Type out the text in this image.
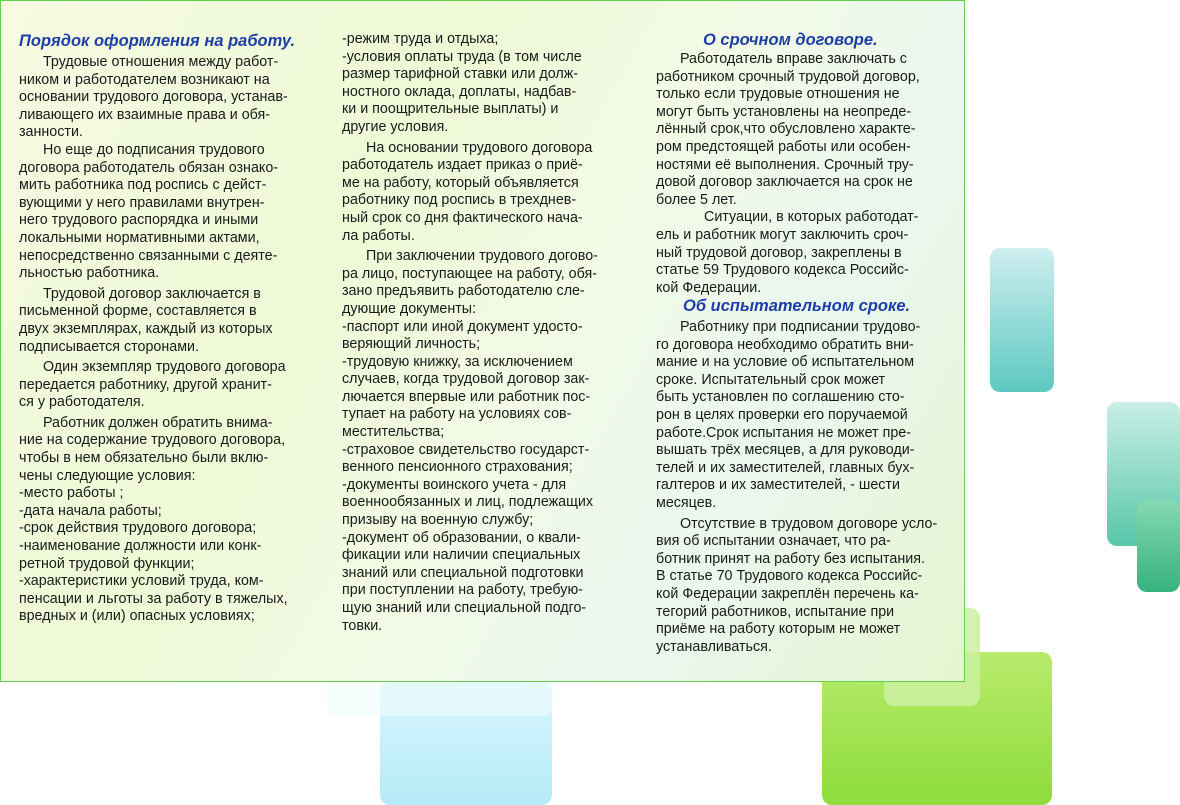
Порядок оформления на работу.

Трудовые отношения между работ-

ником и работодателем возникают на

основании трудового договора, устанав-

ливающего их взаимные права и обя-

занности.

Но еще до подписания трудового

договора работодатель обязан ознако-

мить работника под роспись с дейст-

вующими у него правилами внутрен-

него трудового распорядка и иными

локальными нормативными актами,

непосредственно связанными с деяте-

льностью работника.

Трудовой договор заключается в

письменной форме, составляется в

двух экземплярах, каждый из которых

подписывается сторонами.

Один экземпляр трудового договора

передается работнику, другой хранит-

ся у работодателя.

Работник должен обратить внима-

ние на содержание трудового договора,

чтобы в нем обязательно были вклю-

чены следующие условия:

-место работы ;

-дата начала работы;

-срок действия трудового договора;

-наименование должности или конк-

ретной трудовой функции;

-характеристики условий труда, ком-

пенсации и льготы за работу в тяжелых,

вредных и (или) опасных условиях;

-режим труда и отдыха;

-условия оплаты труда (в том числе

размер тарифной ставки или долж-

ностного оклада, доплаты, надбав-

ки и поощрительные выплаты) и

другие условия.

На основании трудового договора

работодатель издает приказ о приё-

ме на работу, который объявляется

работнику под роспись в трехднев-

ный срок со дня фактического нача-

ла работы.

При заключении трудового догово-

ра лицо, поступающее на работу, обя-

зано предъявить работодателю сле-

дующие документы:

-паспорт или иной документ удосто-

веряющий личность;

-трудовую книжку, за исключением

случаев, когда трудовой договор зак-

лючается впервые или работник пос-

тупает на работу на условиях сов-

местительства;

-страховое свидетельство государст-

венного пенсионного страхования;

-документы воинского учета - для

военнообязанных и лиц, подлежащих

призыву на военную службу;

-документ об образовании, о квали-

фикации или наличии специальных

знаний или специальной подготовки

при поступлении на работу, требую-

щую знаний или специальной подго-

товки.

О срочном договоре.

Работодатель вправе заключать с

работником срочный трудовой договор,

только если трудовые отношения не

могут быть установлены на неопреде-

лённый срок,что обусловлено характе-

ром предстоящей работы или особен-

ностями её выполнения. Срочный тру-

довой договор заключается на срок не

более 5 лет.

Ситуации, в которых работодат-

ель и работник могут заключить сроч-

ный трудовой договор, закреплены в

статье 59 Трудового кодекса Российс-

кой Федерации.

Об испытательном сроке.

Работнику при подписании трудово-

го договора необходимо обратить вни-

мание и на условие об испытательном

сроке. Испытательный срок может

быть установлен по соглашению сто-

рон в целях проверки его поручаемой

работе.Срок испытания не может пре-

вышать трёх месяцев, а для руководи-

телей и их заместителей, главных бух-

галтеров и их заместителей, - шести

месяцев.

Отсутствие в трудовом договоре усло-

вия об испытании означает, что ра-

ботник принят на работу без испытания.

В статье 70 Трудового кодекса Российс-

кой Федерации закреплён перечень ка-

тегорий работников, испытание при

приёме на работу которым не может

устанавливаться.
